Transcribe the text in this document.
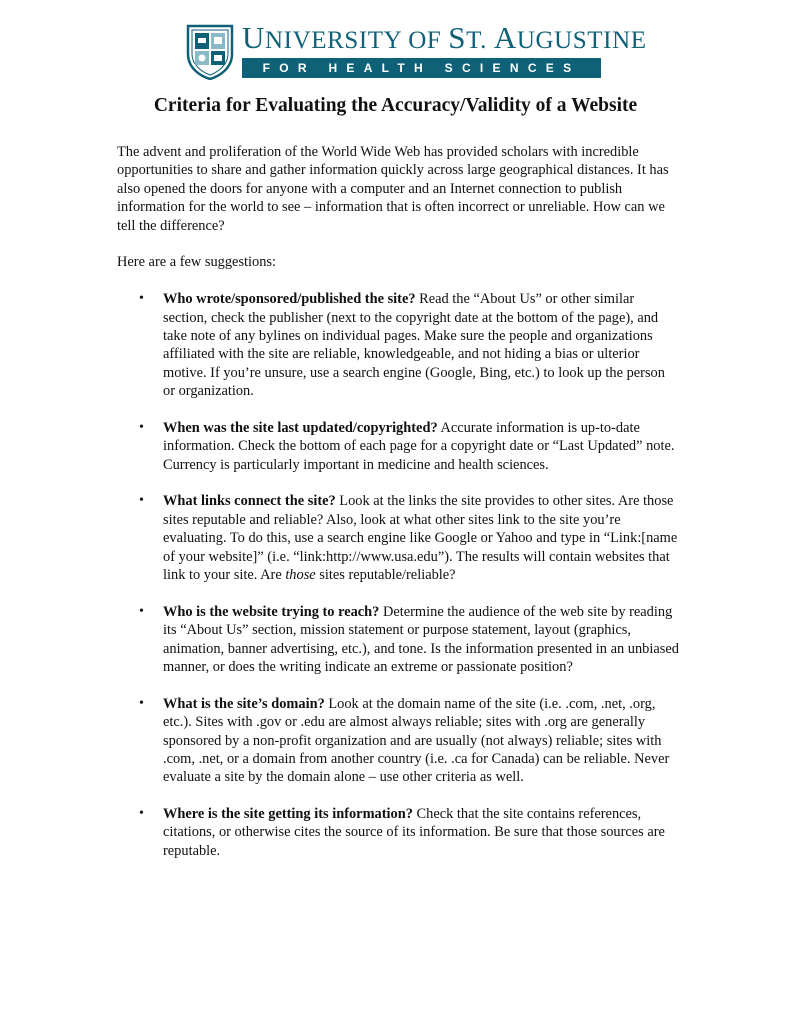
UNIVERSITY OF ST. AUGUSTINE
FOR HEALTH SCIENCES
Criteria for Evaluating the Accuracy/Validity of a Website

The advent and proliferation of the World Wide Web has provided scholars with incredible opportunities to share and gather information quickly across large geographical distances. It has also opened the doors for anyone with a computer and an Internet connection to publish information for the world to see – information that is often incorrect or unreliable. How can we tell the difference?

Here are a few suggestions:

• Who wrote/sponsored/published the site? Read the “About Us” or other similar section, check the publisher (next to the copyright date at the bottom of the page), and take note of any bylines on individual pages. Make sure the people and organizations affiliated with the site are reliable, knowledgeable, and not hiding a bias or ulterior motive. If you’re unsure, use a search engine (Google, Bing, etc.) to look up the person or organization.
• When was the site last updated/copyrighted? Accurate information is up-to-date information. Check the bottom of each page for a copyright date or “Last Updated” note. Currency is particularly important in medicine and health sciences.
• What links connect the site? Look at the links the site provides to other sites. Are those sites reputable and reliable? Also, look at what other sites link to the site you’re evaluating. To do this, use a search engine like Google or Yahoo and type in “Link:[name of your website]” (i.e. “link:http://www.usa.edu”). The results will contain websites that link to your site. Are those sites reputable/reliable?
• Who is the website trying to reach? Determine the audience of the web site by reading its “About Us” section, mission statement or purpose statement, layout (graphics, animation, banner advertising, etc.), and tone. Is the information presented in an unbiased manner, or does the writing indicate an extreme or passionate position?
• What is the site’s domain? Look at the domain name of the site (i.e. .com, .net, .org, etc.). Sites with .gov or .edu are almost always reliable; sites with .org are generally sponsored by a non-profit organization and are usually (not always) reliable; sites with .com, .net, or a domain from another country (i.e. .ca for Canada) can be reliable. Never evaluate a site by the domain alone – use other criteria as well.
• Where is the site getting its information? Check that the site contains references, citations, or otherwise cites the source of its information. Be sure that those sources are reputable.
